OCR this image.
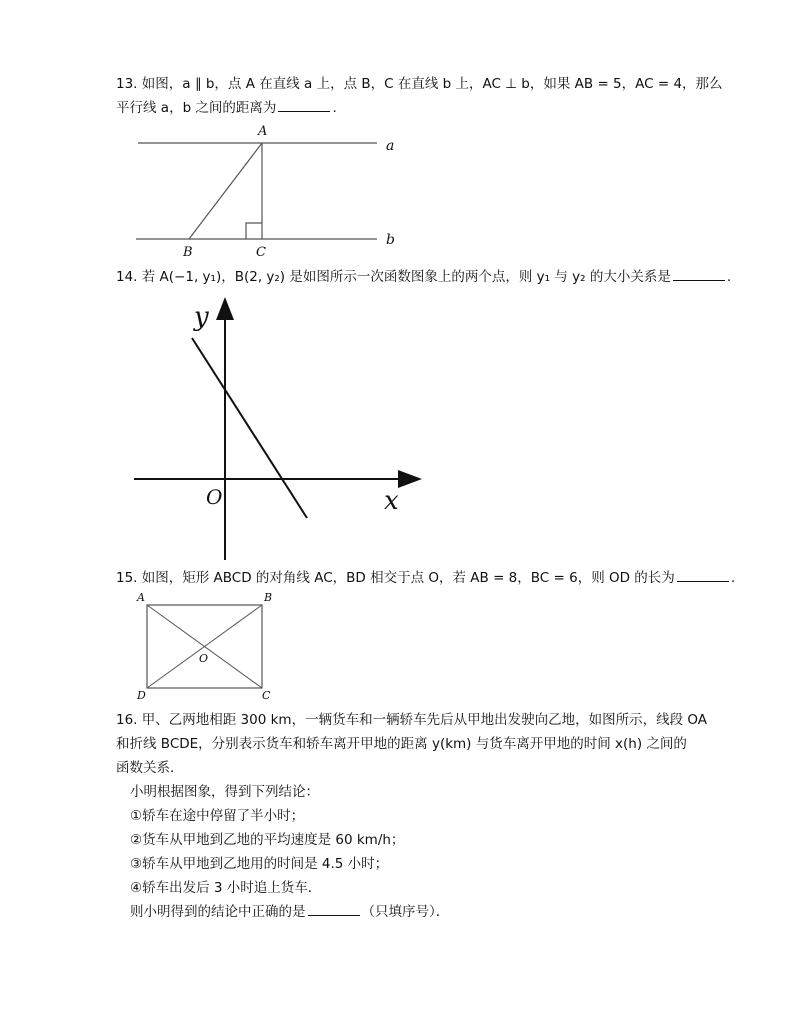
13. 如图，a ∥ b，点 A 在直线 a 上，点 B，C 在直线 b 上，AC ⊥ b，如果 AB = 5，AC = 4，那么
平行线 a，b 之间的距离为	.
A
B	C
a
b
14. 若 A(−1, y₁)，B(2, y₂) 是如图所示一次函数图象上的两个点，则 y₁ 与 y₂ 的大小关系是	.
y
x
O
15. 如图，矩形 ABCD 的对角线 AC，BD 相交于点 O，若 AB = 8，BC = 6，则 OD 的长为	.
A	B
C
D
O
16. 甲、乙两地相距 300 km，一辆货车和一辆轿车先后从甲地出发驶向乙地，如图所示，线段 OA
和折线 BCDE，分别表示货车和轿车离开甲地的距离 y(km) 与货车离开甲地的时间 x(h) 之间的
函数关系．
小明根据图象，得到下列结论：
①轿车在途中停留了半小时；
②货车从甲地到乙地的平均速度是 60 km/h；
③轿车从甲地到乙地用的时间是 4.5 小时；
④轿车出发后 3 小时追上货车．
则小明得到的结论中正确的是	（只填序号）．
